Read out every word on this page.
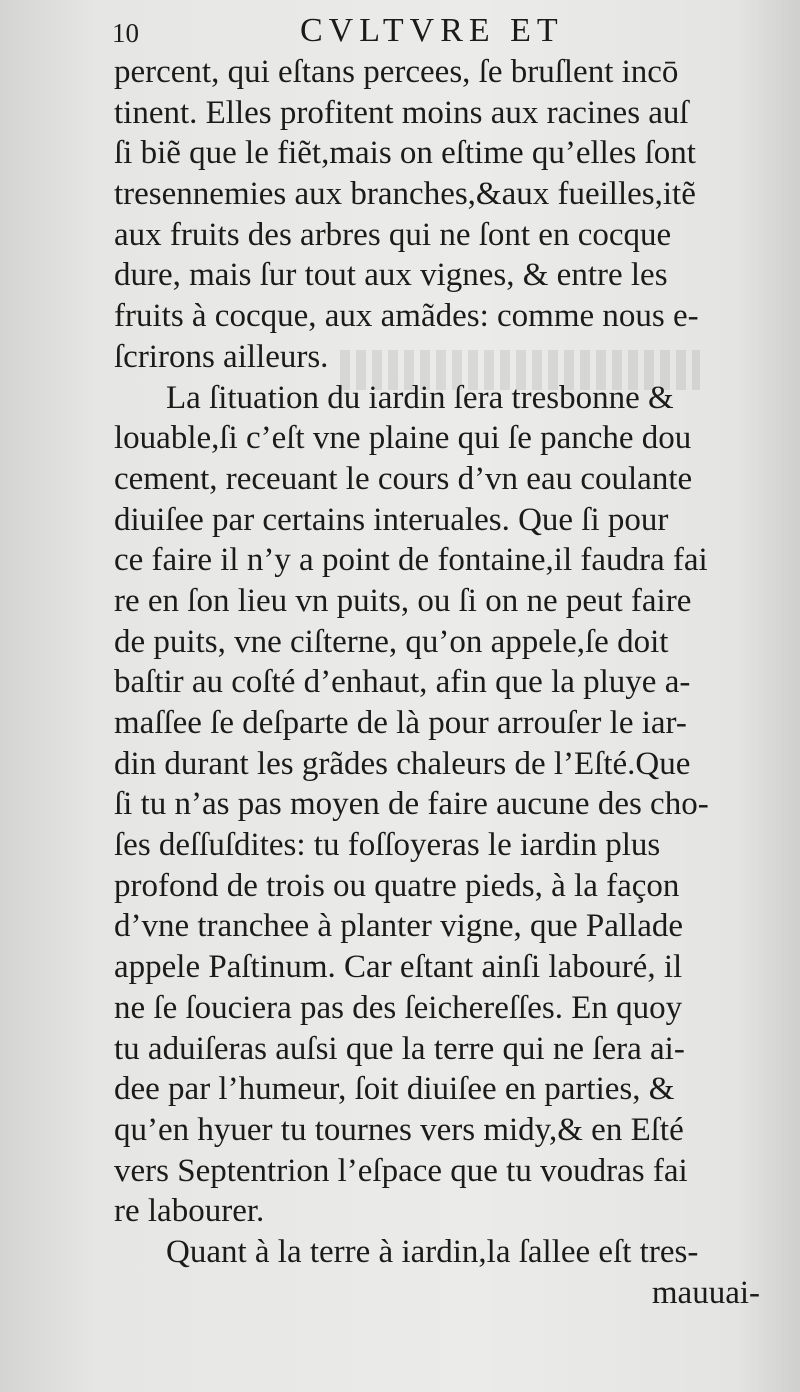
10	CVLTVRE ET
percent, qui eſtans percees, ſe bruſlent incō
tinent. Elles profitent moins aux racines auſ
ſi biẽ que le fiẽt,mais on eſtime qu’elles ſont
tresennemies aux branches,&aux fueilles,itẽ
aux fruits des arbres qui ne ſont en cocque
dure, mais ſur tout aux vignes, & entre les
fruits à cocque, aux amãdes: comme nous e-
ſcrirons ailleurs.
La ſituation du iardin ſera tresbonne &
louable,ſi c’eſt vne plaine qui ſe panche dou
cement, receuant le cours d’vn eau coulante
diuiſee par certains interuales. Que ſi pour
ce faire il n’y a point de fontaine,il faudra fai
re en ſon lieu vn puits, ou ſi on ne peut faire
de puits, vne ciſterne, qu’on appele,ſe doit
baſtir au coſté d’enhaut, afin que la pluye a-
maſſee ſe deſparte de là pour arrouſer le iar-
din durant les grãdes chaleurs de l’Eſté.Que
ſi tu n’as pas moyen de faire aucune des cho-
ſes deſſuſdites: tu foſſoyeras le iardin plus
profond de trois ou quatre pieds, à la façon
d’vne tranchee à planter vigne, que Pallade
appele Paſtinum. Car eſtant ainſi labouré, il
ne ſe ſouciera pas des ſeichereſſes. En quoy
tu aduiſeras auſsi que la terre qui ne ſera ai-
dee par l’humeur, ſoit diuiſee en parties, &
qu’en hyuer tu tournes vers midy,& en Eſté
vers Septentrion l’eſpace que tu voudras fai
re labourer.
Quant à la terre à iardin,la ſallee eſt tres-
mauuai-
